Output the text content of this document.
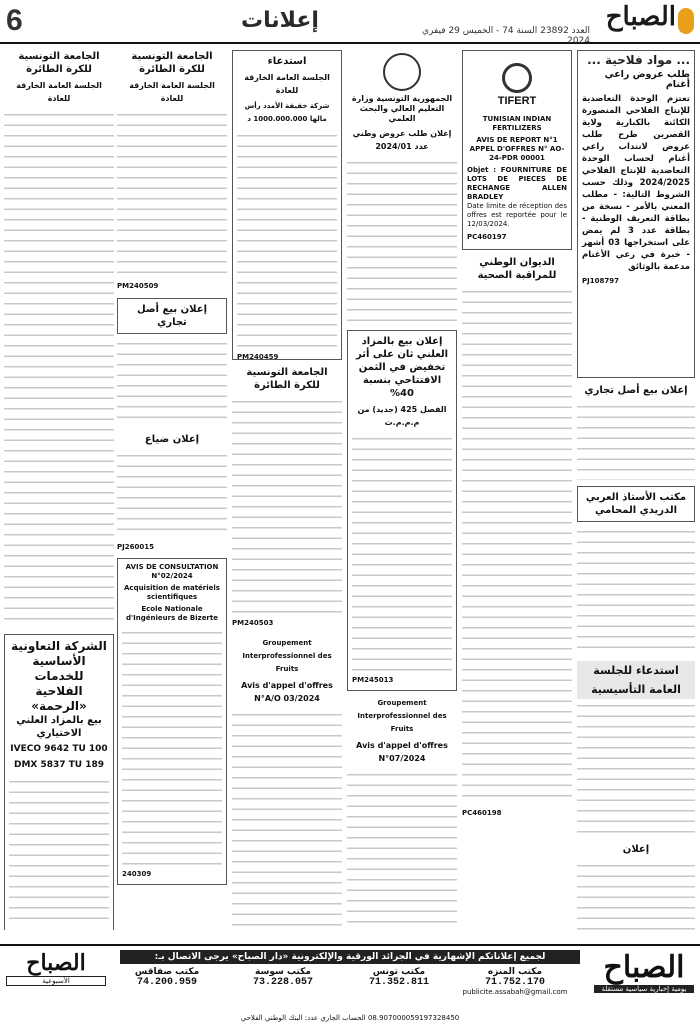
6	إعلانات	العدد 23892 السنة 74 - الخميس 29 فيفري 2024
الصباح
... مواد فلاحية ...
طلب عروض راعي أغنام
تعتزم الوحدة التعاضدية للإنتاج الفلاحي المنصورة الكائنة بالكبارية ولاية القصرين طرح طلب عروض لانتداب راعي أغنام لحساب الوحدة التعاضدية للإنتاج الفلاحي 2024/2025 وذلك حسب الشروط التالية: - مطلب المعني بالأمر - نسخة من بطاقة التعريف الوطنية - بطاقة عدد 3 لم يمض على استخراجها 03 أشهر - خبرة في رعي الأغنام مدعمة بالوثائق
PJ108797
إعلان بيع أصل تجاري
مكتب الأستاذ العربي الدريدي المحامي
استدعاء للجلسة العامة التأسيسية
إعلان
TIFERT
TUNISIAN INDIAN FERTILIZERS
AVIS DE REPORT N°1 APPEL D'OFFRES N° AO-24-PDR 00001
Objet : FOURNITURE DE LOTS DE PIECES DE RECHANGE ALLEN BRADLEY
Date limite de réception des offres est reportée pour le 12/03/2024.
PC460197
الديوان الوطني للمراقبة الصحية
PC460198
الجمهورية التونسية وزارة التعليم العالي والبحث العلمي
إعلان طلب عروض وطني عدد 2024/01
إعلان بيع بالمزاد العلني ثان على أثر تخفيض في الثمن الافتتاحي بنسبة 40%
الفصل 425 (جديد) من م.م.م.ت
PM245013
Groupement Interprofessionnel des Fruits
Avis d'appel d'offres N°07/2024
استدعاء
الجلسة العامة الخارقة للعادة
شركة خفيفة الأمدد رأس مالها 1000.000.000 د
PM240459
الجامعة التونسية للكرة الطائرة
PM240503
Groupement Interprofessionnel des Fruits
Avis d'appel d'offres N°A/O 03/2024
الجامعة التونسية للكرة الطائرة
الجلسة العامة الخارقة للعادة
PM240509
إعلان بيع أصل تجاري
إعلان ضياع
PJ260015
AVIS DE CONSULTATION N°02/2024
Acquisition de matériels scientifiques
Ecole Nationale d'Ingénieurs de Bizerte
240309
الجامعة التونسية للكرة الطائرة
الجلسة العامة الخارقة للعادة
الشركة التعاونية الأساسية للخدمات الفلاحية «الرحمة»
بيع بالمزاد العلني الاختياري
IVECO 9642 TU 100
DMX 5837 TU 189
لجميع إعلاناتكم الإشهارية في الجرائد الورقية والإلكترونية «دار الصباح» يرجى الاتصال بـ:	الصباح
يومية إخبارية سياسية مستقلة
الصباح
الأسبوعية
مكتب صفاقس
74.200.959
مكتب سوسة
73.228.057
مكتب تونس
71.352.811
مكتب المنزه
71.752.170
publicite.assabah@gmail.com
08.907000059197328450 الحساب الجاري عدد: البنك الوطني الفلاحي
